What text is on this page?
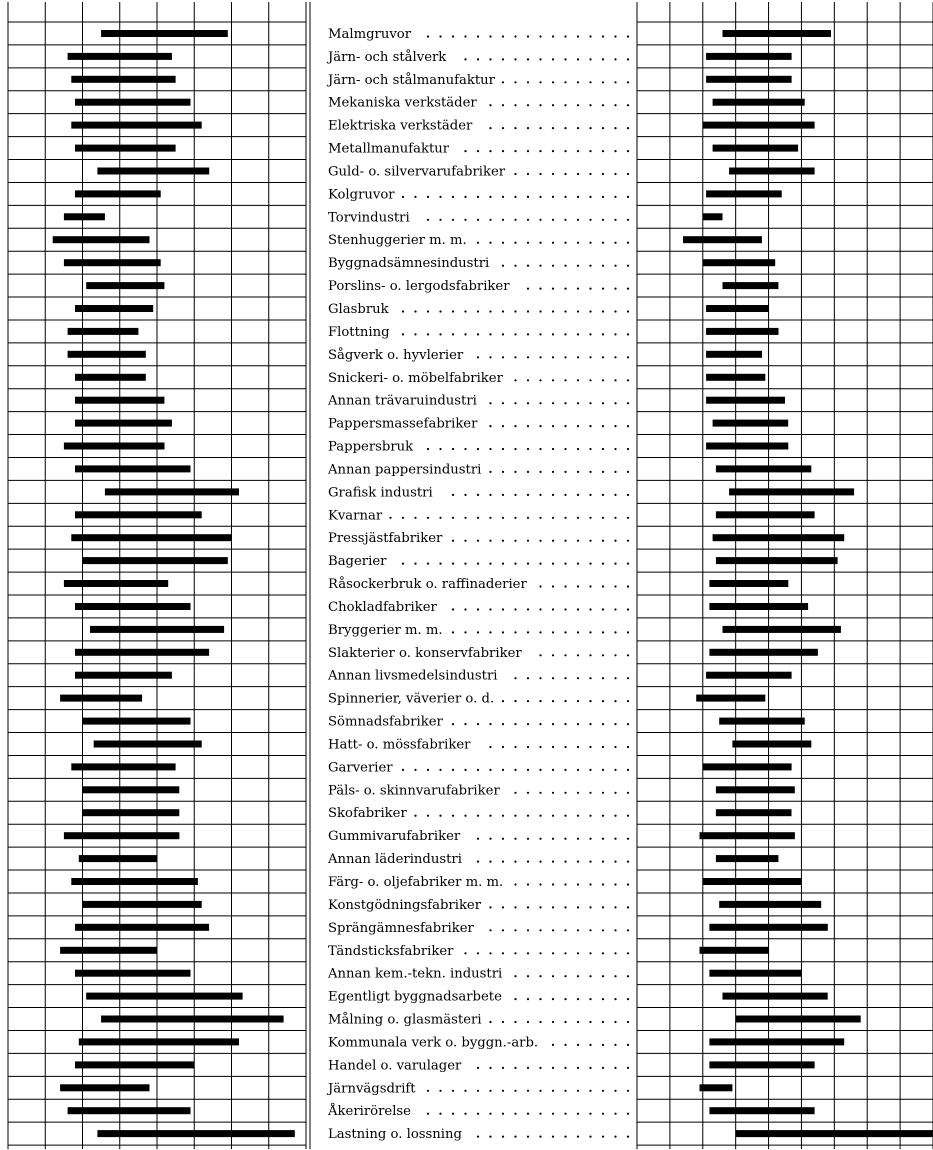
Malmgruvor
Järn- och stålverk
Järn- och stålmanufaktur
Mekaniska verkstäder
Elektriska verkstäder
Metallmanufaktur
Guld- o. silvervarufabriker
Kolgruvor
Torvindustri
Stenhuggerier m. m.
Byggnadsämnesindustri
Porslins- o. lergodsfabriker
Glasbruk
Flottning
Sågverk o. hyvlerier
Snickeri- o. möbelfabriker
Annan trävaruindustri
Pappersmassefabriker
Pappersbruk
Annan pappersindustri
Grafisk industri
Kvarnar
Pressjästfabriker
Bagerier
Råsockerbruk o. raffinaderier
Chokladfabriker
Bryggerier m. m.
Slakterier o. konservfabriker
Annan livsmedelsindustri
Spinnerier, väverier o. d.
Sömnadsfabriker
Hatt- o. mössfabriker
Garverier
Päls- o. skinnvarufabriker
Skofabriker
Gummivarufabriker
Annan läderindustri
Färg- o. oljefabriker m. m.
Konstgödningsfabriker
Sprängämnesfabriker
Tändsticksfabriker
Annan kem.-tekn. industri
Egentligt byggnadsarbete
Målning o. glasmästeri
Kommunala verk o. byggn.-arb.
Handel o. varulager
Järnvägsdrift
Åkerirörelse
Lastning o. lossning
